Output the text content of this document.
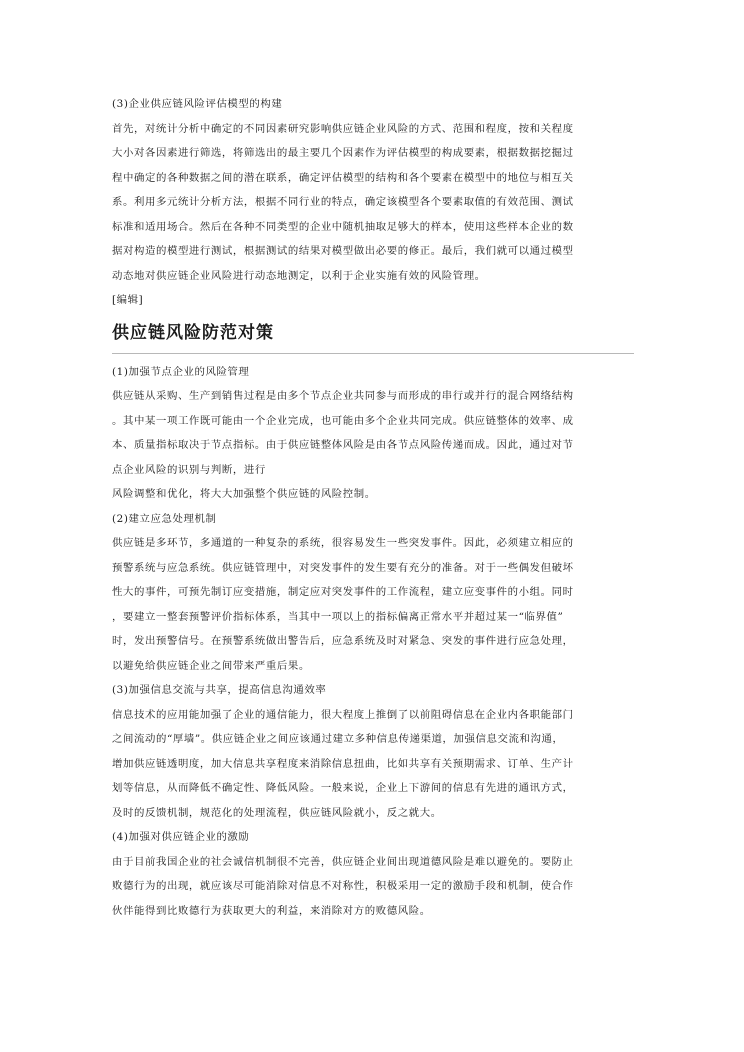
(3)企业供应链风险评估模型的构建

首先，对统计分析中确定的不同因素研究影响供应链企业风险的方式、范围和程度，按和关程度

大小对各因素进行筛选，将筛选出的最主要几个因素作为评估模型的构成要素，根据数据挖掘过

程中确定的各种数据之间的潜在联系，确定评估模型的结构和各个要素在模型中的地位与相互关

系。利用多元统计分析方法，根据不同行业的特点，确定该模型各个要素取值的有效范围、测试

标准和适用场合。然后在各种不同类型的企业中随机抽取足够大的样本，使用这些样本企业的数

据对构造的模型进行测试，根据测试的结果对模型做出必要的修正。最后，我们就可以通过模型

动态地对供应链企业风险进行动态地测定，以利于企业实施有效的风险管理。

[编辑]

供应链风险防范对策

(1)加强节点企业的风险管理

供应链从采购、生产到销售过程是由多个节点企业共同参与而形成的串行或并行的混合网络结构

。其中某一项工作既可能由一个企业完成，也可能由多个企业共同完成。供应链整体的效率、成

本、质量指标取决于节点指标。由于供应链整体风险是由各节点风险传递而成。因此，通过对节

点企业风险的识别与判断，进行

风险调整和优化，将大大加强整个供应链的风险控制。

(2)建立应急处理机制

供应链是多环节，多通道的一种复杂的系统，很容易发生一些突发事件。因此，必须建立相应的

预警系统与应急系统。供应链管理中，对突发事件的发生要有充分的准备。对于一些偶发但破坏

性大的事件，可预先制订应变措施，制定应对突发事件的工作流程，建立应变事件的小组。同时

，要建立一整套预警评价指标体系，当其中一项以上的指标偏离正常水平并超过某一“临界值”

时，发出预警信号。在预警系统做出警告后，应急系统及时对紧急、突发的事件进行应急处理，

以避免给供应链企业之间带来严重后果。

(3)加强信息交流与共享，提高信息沟通效率

信息技术的应用能加强了企业的通信能力，很大程度上推倒了以前阻碍信息在企业内各职能部门

之间流动的“厚墙”。供应链企业之间应该通过建立多种信息传递渠道，加强信息交流和沟通，

增加供应链透明度，加大信息共享程度来消除信息扭曲，比如共享有关预期需求、订单、生产计

划等信息，从而降低不确定性、降低风险。一般来说，企业上下游间的信息有先进的通讯方式，

及时的反馈机制，规范化的处理流程，供应链风险就小，反之就大。

(4)加强对供应链企业的激励

由于目前我国企业的社会诚信机制很不完善，供应链企业间出现道德风险是难以避免的。要防止

败德行为的出现，就应该尽可能消除对信息不对称性，积极采用一定的激励手段和机制，使合作

伙伴能得到比败德行为获取更大的利益，来消除对方的败德风险。
